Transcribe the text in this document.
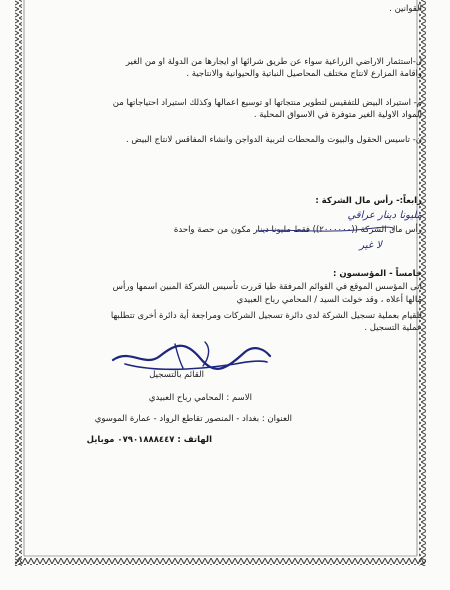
القوانين .
ل-استثمار الاراضي الزراعية سواء عن طريق شرائها او ايجارها من الدولة او من الغير
واقامة المزارع لانتاج مختلف المحاصيل النباتية والحيوانية والانتاجية .
م- استيراد البيض للتفقيس لتطوير منتجاتها او توسيع اعمالها وكذلك استيراد احتياجاتها من
المواد الاولية الغير متوفرة في الاسواق المحلية .
ن- تاسيس الحقول والبيوت والمحطات لتربية الدواجن وانشاء المفاقس لانتاج البيض .
رابعاً:- رأس مال الشركة :
مليونا دينار عراقي
رأس مال الشركة ((٢٠٠٠٠٠٠)) فقط مليونا دينار مكون من حصة واحدة
لا غير
خامساً - المؤسسون :
انى المؤسس الموقع في القوائم المرفقة طيا قررت تأسيس الشركة المبين اسمها ورأس
مالها أعلاه ، وقد خولت السيد / المحامي رباح العبيدي
للقيام بعملية تسجيل الشركة لدى دائرة تسجيل الشركات ومراجعة أية دائرة أخرى تتطلبها
عملية التسجيل .
القائم بالتسجيل
الاسم : المحامي رباح العبيدي
العنوان : بغداد - المنصور تقاطع الرواد - عمارة الموسوي
الهاتف : ٠٧٩٠١٨٨٨٤٤٧ موبايل
